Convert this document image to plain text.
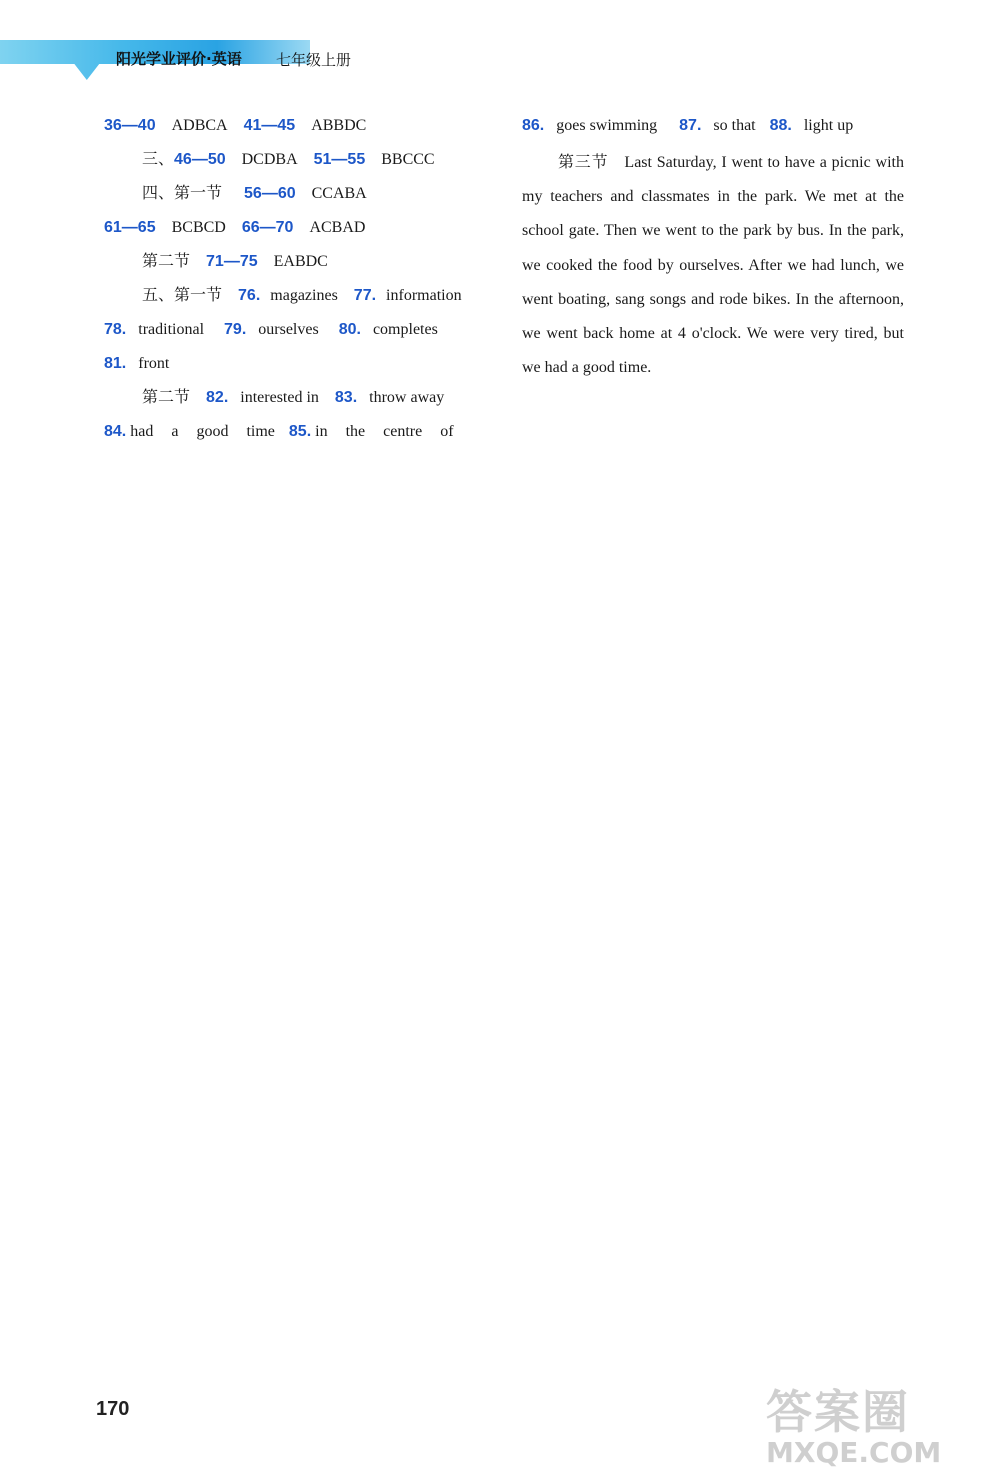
阳光学业评价·英语 七年级上册
36—40 ADBCA 41—45 ABBDC
三、46—50 DCDBA 51—55 BBCCC
四、第一节 56—60 CCABA
61—65 BCBCD 66—70 ACBAD
第二节 71—75 EABDC
五、第一节 76. magazines 77. information
78. traditional 79. ourselves 80. completes
81. front
第二节 82. interested in 83. throw away
84. had a good time 85. in the centre of
86. goes swimming 87. so that 88. light up
第三节 Last Saturday, I went to have a picnic with my teachers and classmates in the park. We met at the school gate. Then we went to the park by bus. In the park, we cooked the food by ourselves. After we had lunch, we went boating, sang songs and rode bikes. In the afternoon, we went back home at 4 o'clock. We were very tired, but we had a good time.
170	答案圈
MXQE.COM
